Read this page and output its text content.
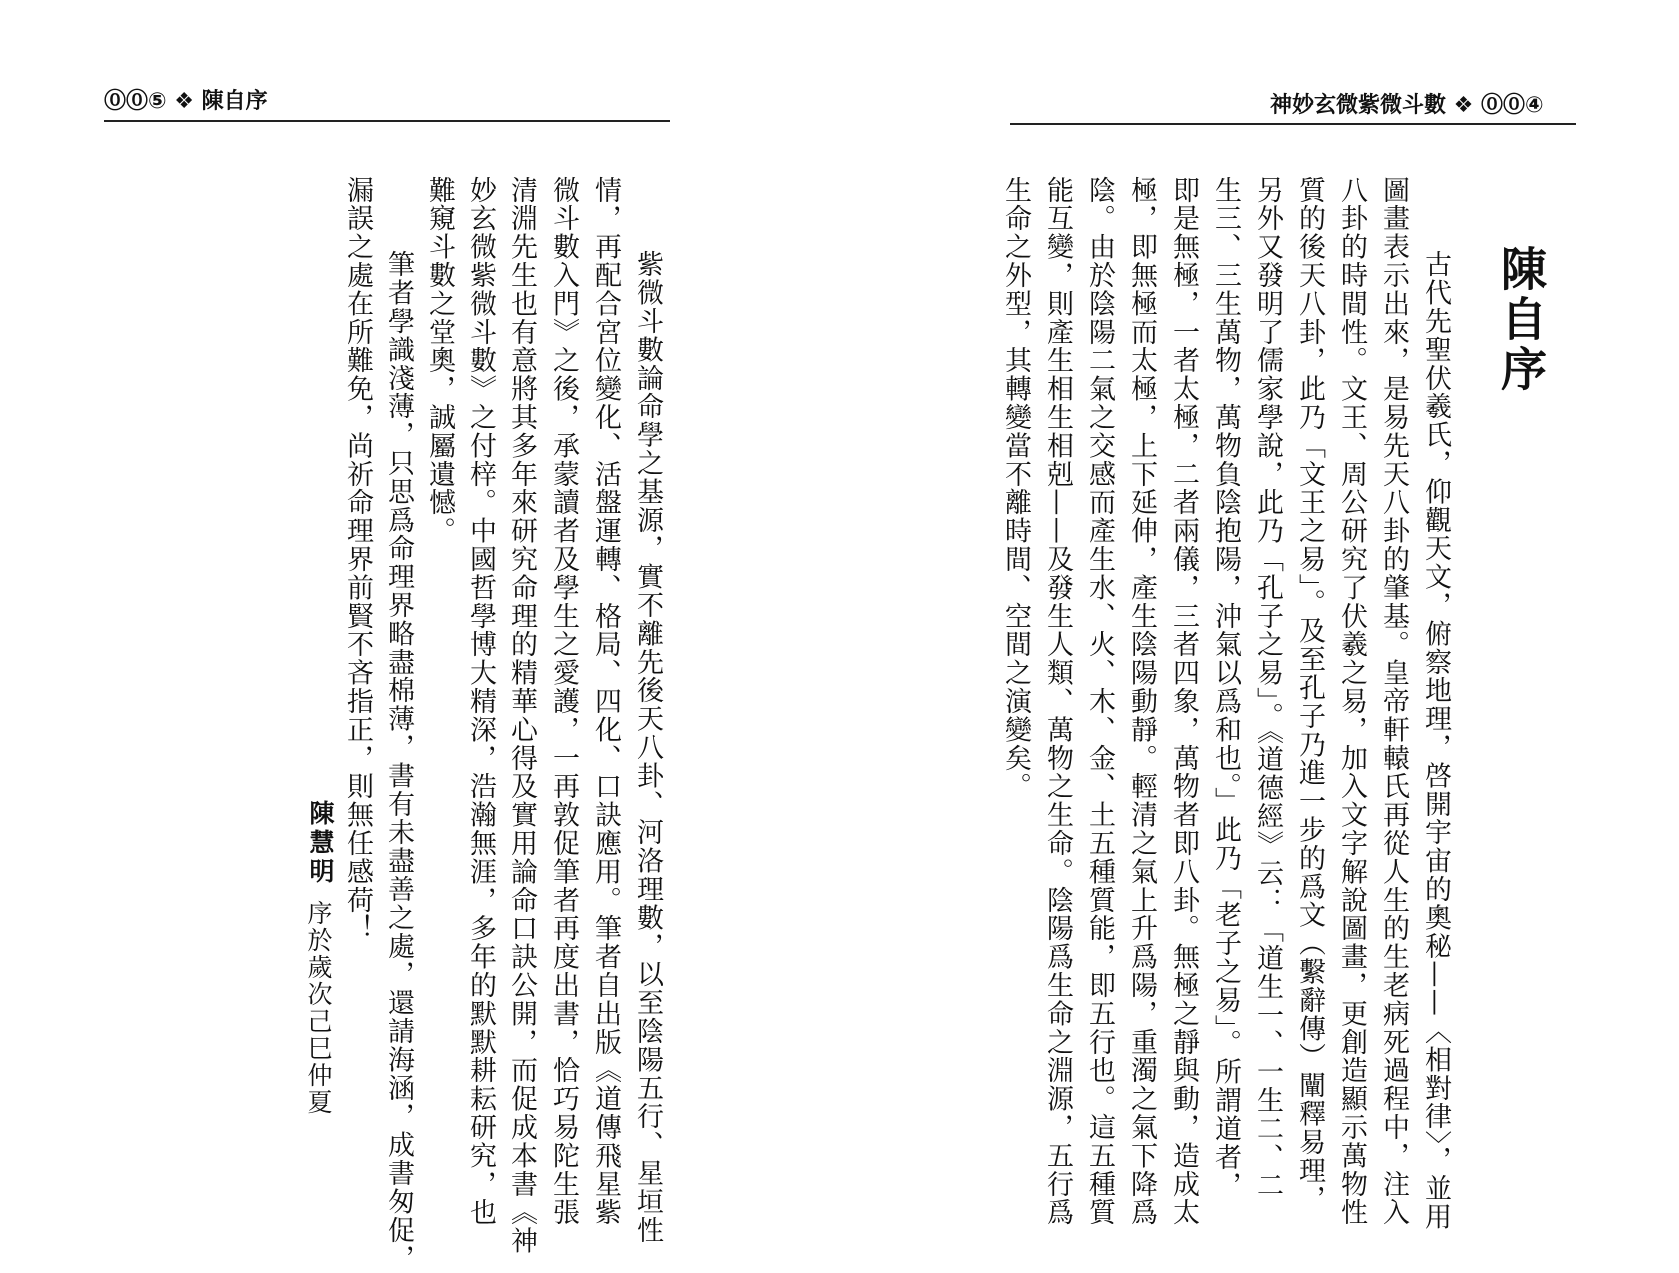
⓪⓪⑤ ❖ 陳自序
　紫微斗數論命學之基源，實不離先後天八卦、河洛理數，以至陰陽五行、星垣性
情，再配合宮位變化、活盤運轉、格局、四化、口訣應用。筆者自出版《道傳飛星紫
微斗數入門》之後，承蒙讀者及學生之愛護，一再敦促筆者再度出書，恰巧易陀生張
清淵先生也有意將其多年來研究命理的精華心得及實用論命口訣公開，而促成本書《神
妙玄微紫微斗數》之付梓。中國哲學博大精深，浩瀚無涯，多年的默默耕耘研究，也
難窺斗數之堂奧，誠屬遺憾。
　筆者學識淺薄，只思爲命理界略盡棉薄，書有未盡善之處，還請海涵，成書匆促，
漏誤之處在所難免，尚祈命理界前賢不吝指正，則無任感荷！
陳慧明
序於歲次己巳仲夏
神妙玄微紫微斗數 ❖ ⓪⓪④
陳自序
　古代先聖伏羲氏，仰觀天文，俯察地理，啓開宇宙的奧秘——〈相對律〉，並用
圖畫表示出來，是易先天八卦的肇基。皇帝軒轅氏再從人生的生老病死過程中，注入
八卦的時間性。文王、周公研究了伏羲之易，加入文字解說圖畫，更創造顯示萬物性
質的後天八卦，此乃「文王之易」。及至孔子乃進一步的爲文（繫辭傳）闡釋易理，
另外又發明了儒家學說，此乃「孔子之易」。《道德經》云：「道生一、一生二、二
生三、三生萬物，萬物負陰抱陽，沖氣以爲和也。」此乃「老子之易」。所謂道者，
即是無極，一者太極，二者兩儀，三者四象，萬物者即八卦。無極之靜與動，造成太
極，即無極而太極，上下延伸，產生陰陽動靜。輕清之氣上升爲陽，重濁之氣下降爲
陰。由於陰陽二氣之交感而產生水、火、木、金、土五種質能，即五行也。這五種質
能互變，則產生相生相剋——及發生人類、萬物之生命。陰陽爲生命之淵源，五行爲
生命之外型，其轉變當不離時間、空間之演變矣。
